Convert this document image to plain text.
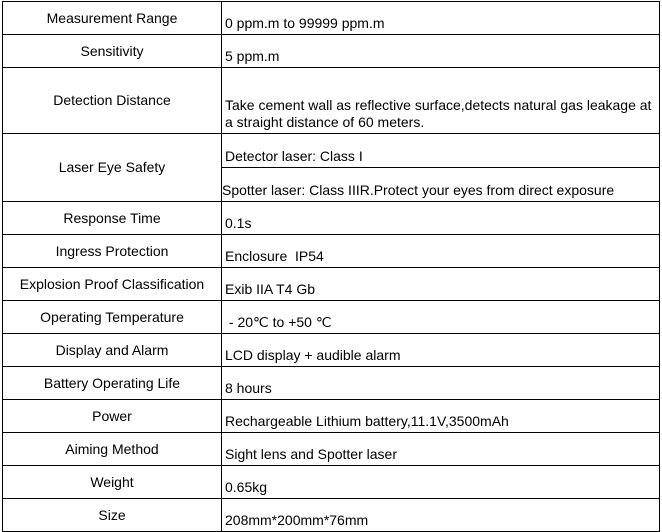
Measurement Range	0 ppm.m to 99999 ppm.m

Sensitivity	5 ppm.m

Detection Distance	Take cement wall as reflective surface,detects natural gas leakage at a straight distance of 60 meters.

Laser Eye Safety	Detector laser: Class I
Spotter laser: Class IIIR.Protect your eyes from direct exposure

Response Time	0.1s

Ingress Protection	Enclosure  IP54

Explosion Proof Classification	Exib IIA T4 Gb

Operating Temperature	- 20℃ to +50 ℃

Display and Alarm	LCD display + audible alarm

Battery Operating Life	8 hours

Power	Rechargeable Lithium battery,11.1V,3500mAh

Aiming Method	Sight lens and Spotter laser

Weight	0.65kg

Size	208mm*200mm*76mm
